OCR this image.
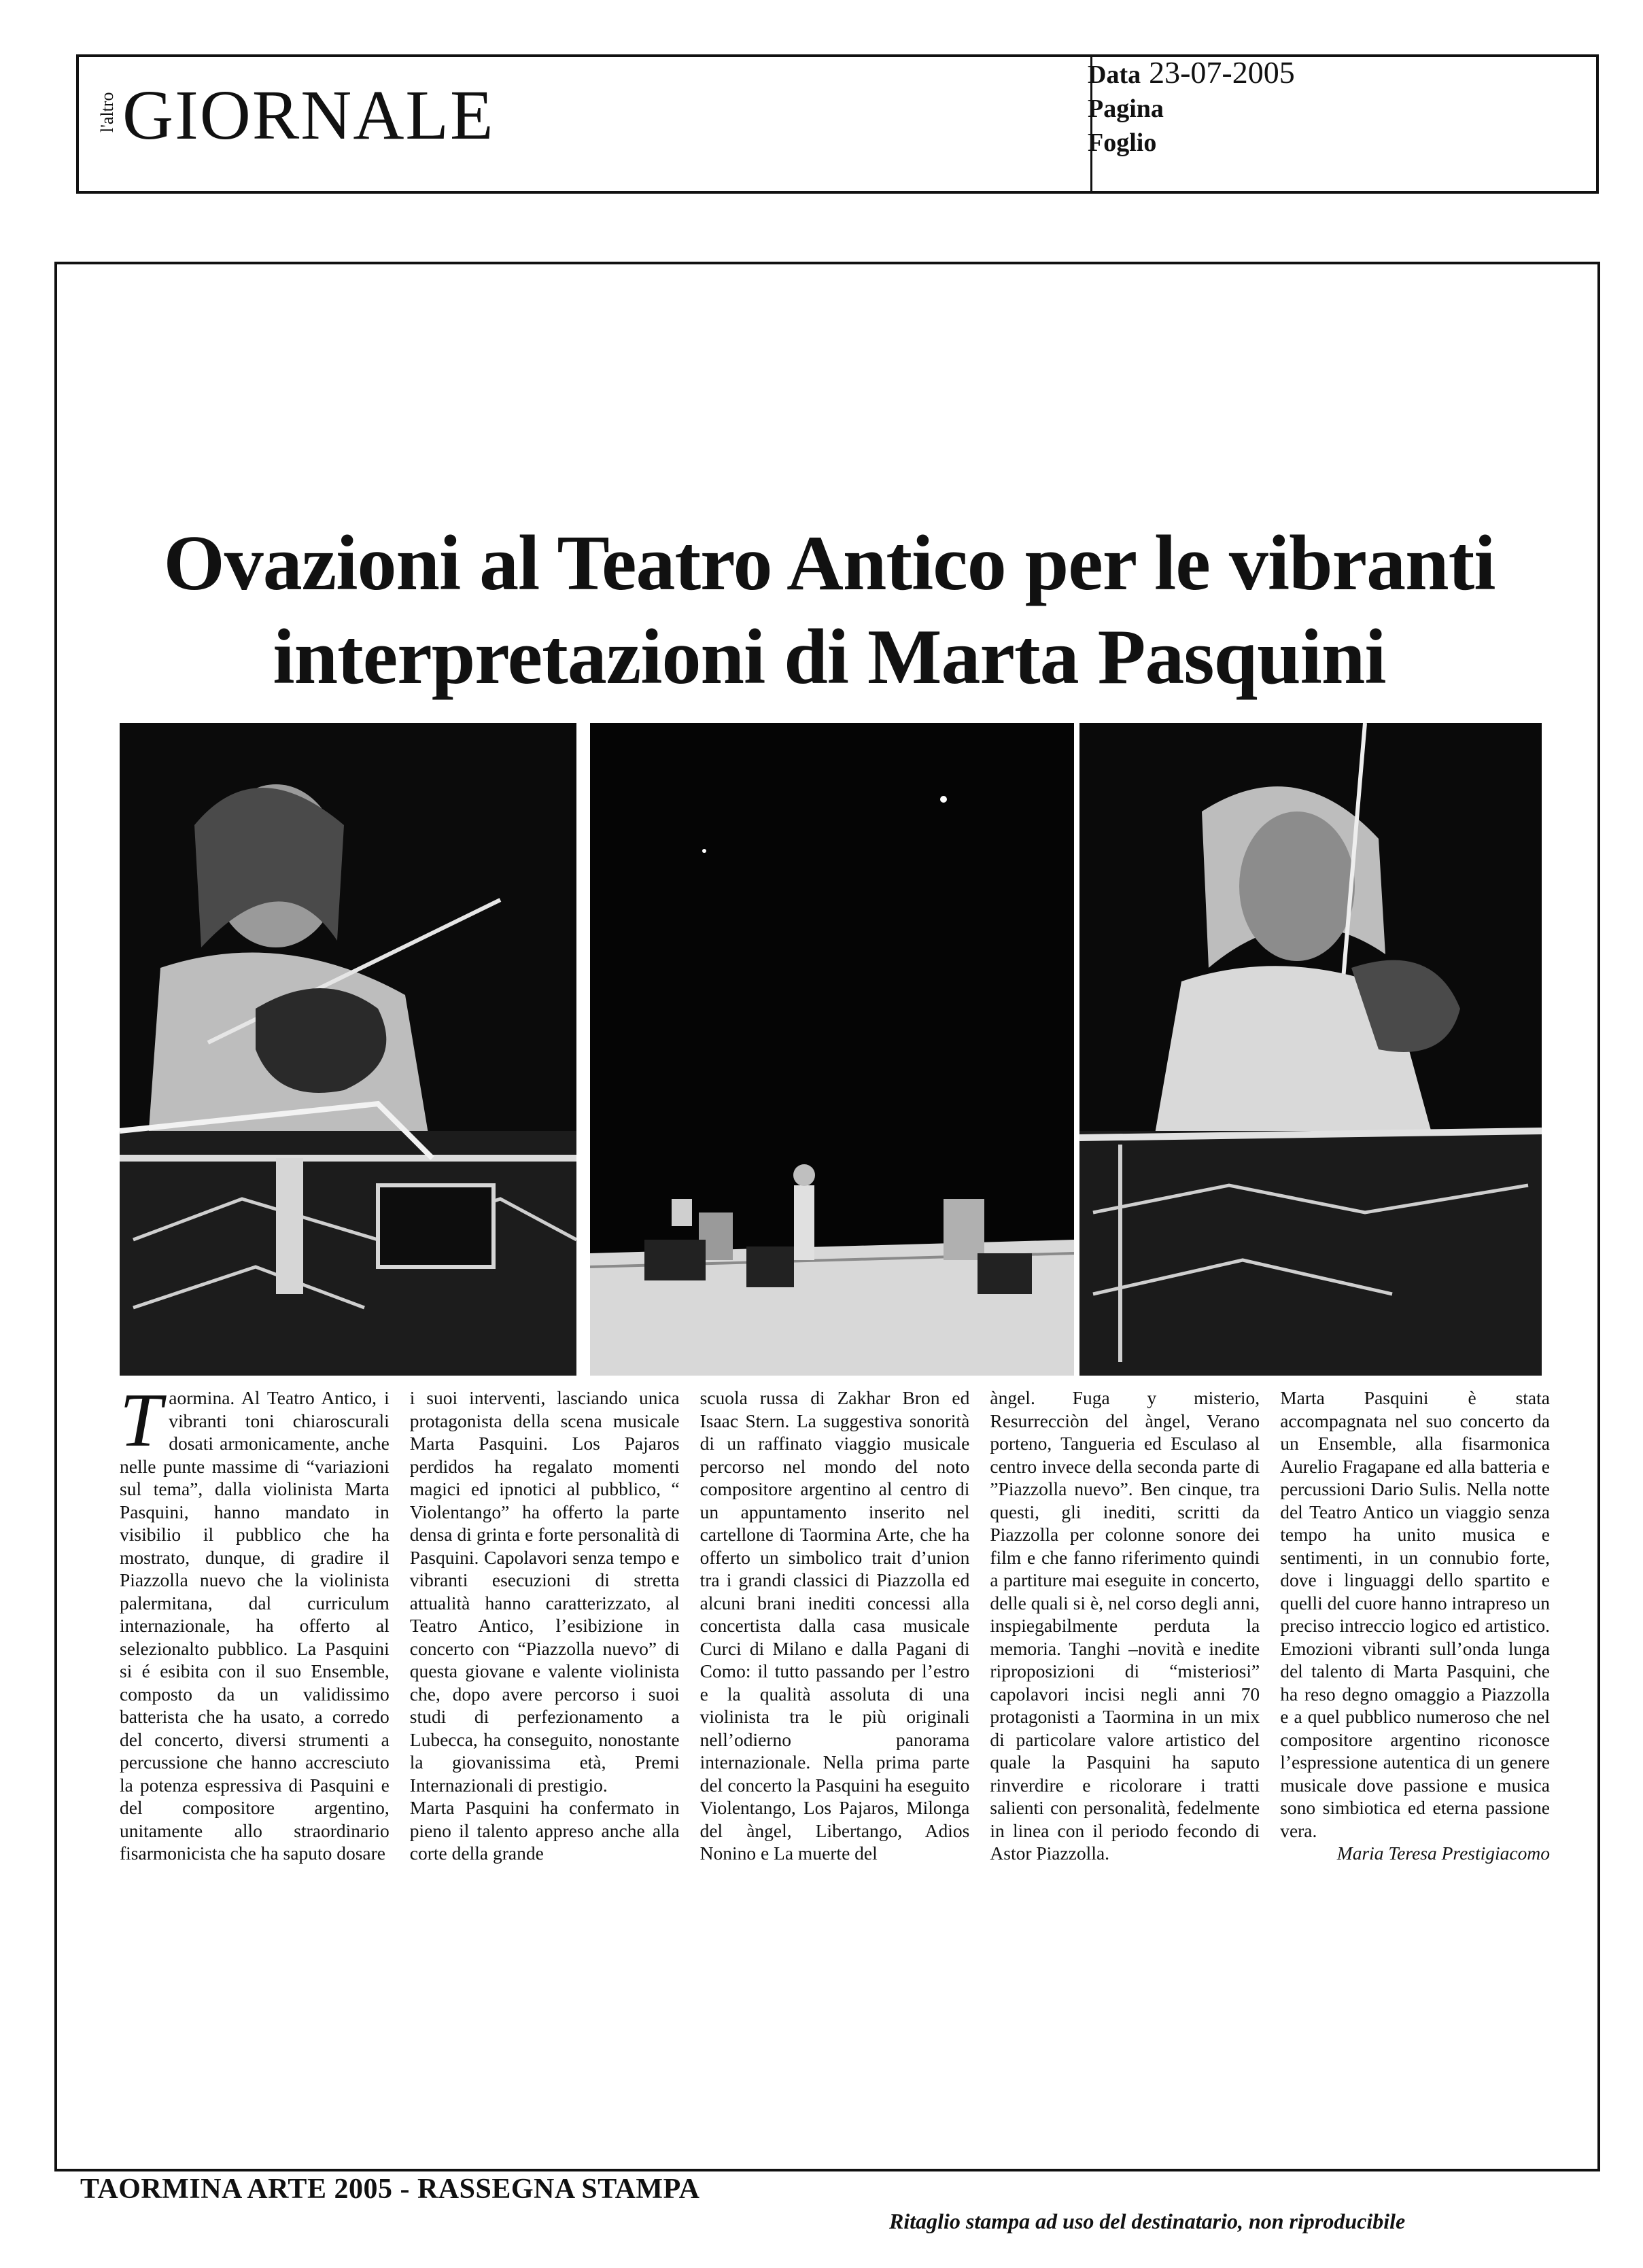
l'altro GIORNALE
Data 23-07-2005
Pagina
Foglio
Ovazioni al Teatro Antico per le vibranti
interpretazioni di Marta Pasquini

Taormina. Al Teatro Antico, i vibranti toni chiaroscurali dosati armonicamente, anche nelle punte massime di “variazioni sul tema”, dalla violinista Marta Pasquini, hanno mandato in visibilio il pubblico che ha mostrato, dunque, di gradire il Piazzolla nuevo che la violinista palermitana, dal curriculum internazionale, ha offerto al selezionalto pubblico. La Pasquini si é esibita con il suo Ensemble, composto da un validissimo batterista che ha usato, a corredo del concerto, diversi strumenti a percussione che hanno accresciuto la potenza espressiva di Pasquini e del compositore argentino, unitamente allo straordinario fisarmonicista che ha saputo dosare

i suoi interventi, lasciando unica protagonista della scena musicale Marta Pasquini. Los Pajaros perdidos ha regalato momenti magici ed ipnotici al pubblico, “ Violentango” ha offerto la parte densa di grinta e forte personalità di Pasquini. Capolavori senza tempo e vibranti esecuzioni di stretta attualità hanno caratterizzato, al Teatro Antico, l’esibizione in concerto con “Piazzolla nuevo” di questa giovane e valente violinista che, dopo avere percorso i suoi studi di perfezionamento a Lubecca, ha conseguito, nonostante la giovanissima età, Premi Internazionali di prestigio.

Marta Pasquini ha confermato in pieno il talento appreso anche alla corte della grande

scuola russa di Zakhar Bron ed Isaac Stern. La suggestiva sonorità di un raffinato viaggio musicale percorso nel mondo del noto compositore argentino al centro di un appuntamento inserito nel cartellone di Taormina Arte, che ha offerto un simbolico trait d’union tra i grandi classici di Piazzolla ed alcuni brani inediti concessi alla concertista dalla casa musicale Curci di Milano e dalla Pagani di Como: il tutto passando per l’estro e la qualità assoluta di una violinista tra le più originali nell’odierno panorama internazionale. Nella prima parte del concerto la Pasquini ha eseguito Violentango, Los Pajaros, Milonga del àngel, Libertango, Adios Nonino e La muerte del

àngel. Fuga y misterio, Resurrecciòn del àngel, Verano porteno, Tangueria ed Esculaso al centro invece della seconda parte di ”Piazzolla nuevo”. Ben cinque, tra questi, gli inediti, scritti da Piazzolla per colonne sonore dei film e che fanno riferimento quindi a partiture mai eseguite in concerto, delle quali si è, nel corso degli anni, inspiegabilmente perduta la memoria. Tanghi –novità e inedite riproposizioni di “misteriosi” capolavori incisi negli anni 70 protagonisti a Taormina in un mix di particolare valore artistico del quale la Pasquini ha saputo rinverdire e ricolorare i tratti salienti con personalità, fedelmente in linea con il periodo fecondo di Astor Piazzolla.

Marta Pasquini è stata accompagnata nel suo concerto da un Ensemble, alla fisarmonica Aurelio Fragapane ed alla batteria e percussioni Dario Sulis. Nella notte del Teatro Antico un viaggio senza tempo ha unito musica e sentimenti, in un connubio forte, dove i linguaggi dello spartito e quelli del cuore hanno intrapreso un preciso intreccio logico ed artistico. Emozioni vibranti sull’onda lunga del talento di Marta Pasquini, che ha reso degno omaggio a Piazzolla e a quel pubblico numeroso che nel compositore argentino riconosce l’espressione autentica di un genere musicale dove passione e musica sono simbiotica ed eterna passione vera.

Maria Teresa Prestigiacomo

TAORMINA ARTE 2005 - RASSEGNA STAMPA
Ritaglio stampa ad uso del destinatario, non riproducibile
